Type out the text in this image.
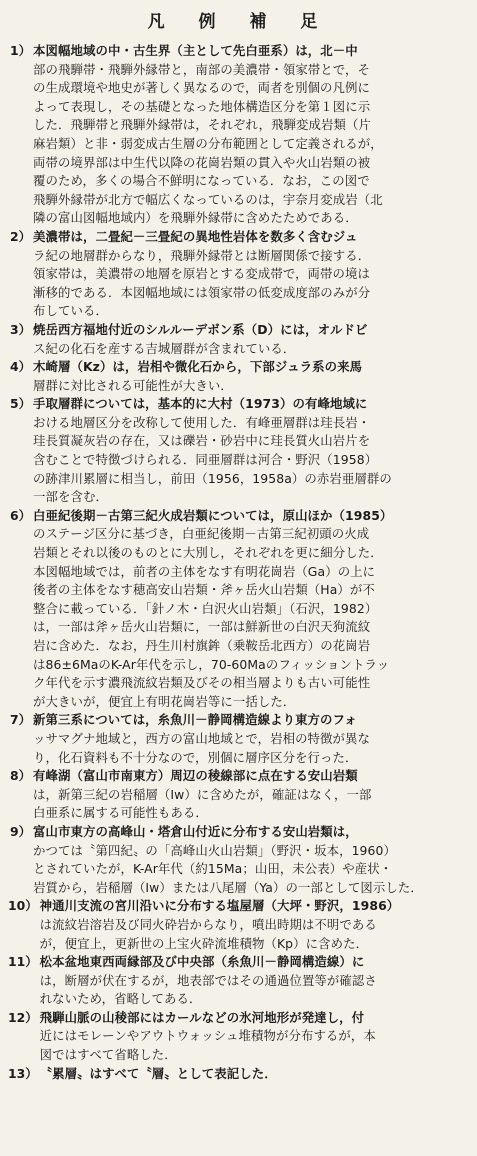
凡 例 補 足
1） 本図幅地域の中・古生界（主として先白亜系）は，北－中
部の飛騨帯・飛騨外縁帯と，南部の美濃帯・領家帯とで，そ
の生成環境や地史が著しく異なるので，両者を別個の凡例に
よって表現し，その基礎となった地体構造区分を第１図に示
した．飛騨帯と飛騨外縁帯は，それぞれ，飛騨変成岩類（片
麻岩類）と非・弱変成古生層の分布範囲として定義されるが，
両帯の境界部は中生代以降の花崗岩類の貫入や火山岩類の被
覆のため，多くの場合不鮮明になっている．なお，この図で
飛騨外縁帯が北方で幅広くなっているのは，宇奈月変成岩（北
隣の富山図幅地域内）を飛騨外縁帯に含めたためである．
2） 美濃帯は，二畳紀－三畳紀の異地性岩体を数多く含むジュ
ラ紀の地層群からなり，飛騨外縁帯とは断層関係で接する．
領家帯は，美濃帯の地層を原岩とする変成帯で，両帯の境は
漸移的である．本図幅地域には領家帯の低変成度部のみが分
布している．
3） 焼岳西方福地付近のシルルーデボン系（D）には，オルドビ
ス紀の化石を産する吉城層群が含まれている．
4） 木崎層（Kz）は，岩相や微化石から，下部ジュラ系の来馬
層群に対比される可能性が大きい．
5） 手取層群については，基本的に大村（1973）の有峰地域に
おける地層区分を改称して使用した．有峰亜層群は珪長岩・
珪長質凝灰岩の存在，又は礫岩・砂岩中に珪長質火山岩片を
含むことで特徴づけられる．同亜層群は河合・野沢（1958）
の跡津川累層に相当し，前田（1956，1958a）の赤岩亜層群の
一部を含む．
6） 白亜紀後期－古第三紀火成岩類については，原山ほか（1985）
のステージ区分に基づき，白亜紀後期－古第三紀初頭の火成
岩類とそれ以後のものとに大別し，それぞれを更に細分した．
本図幅地域では，前者の主体をなす有明花崗岩（Ga）の上に
後者の主体をなす穂高安山岩類・斧ヶ岳火山岩類（Ha）が不
整合に載っている．「針ノ木・白沢火山岩類」（石沢，1982）
は，一部は斧ヶ岳火山岩類に，一部は鮮新世の白沢天狗流紋
岩に含めた．なお，丹生川村旗鉾（乗鞍岳北西方）の花崗岩
は86±6MaのK-Ar年代を示し，70-60Maのフィッショントラッ
ク年代を示す濃飛流紋岩類及びその相当層よりも古い可能性
が大きいが，便宜上有明花崗岩等に一括した．
7） 新第三系については，糸魚川－静岡構造線より東方のフォ
ッサマグナ地域と，西方の富山地域とで，岩相の特徴が異な
り，化石資料も不十分なので，別個に層序区分を行った．
8） 有峰湖（富山市南東方）周辺の稜線部に点在する安山岩類
は，新第三紀の岩稲層（Iw）に含めたが，確証はなく，一部
白亜系に属する可能性もある．
9） 富山市東方の高峰山・塔倉山付近に分布する安山岩類は，
かつては〝第四紀〟の「高峰山火山岩類」（野沢・坂本，1960）
とされていたが，K-Ar年代（約15Ma；山田，未公表）や産状・
岩質から，岩稲層（Iw）または八尾層（Ya）の一部として図示した．
10） 神通川支流の宮川沿いに分布する塩屋層（大坪・野沢，1986）
は流紋岩溶岩及び同火砕岩からなり，噴出時期は不明である
が，便宜上，更新世の上宝火砕流堆積物（Kp）に含めた．
11） 松本盆地東西両縁部及び中央部（糸魚川－静岡構造線）に
は，断層が伏在するが，地表部ではその通過位置等が確認さ
れないため，省略してある．
12） 飛騨山脈の山稜部にはカールなどの氷河地形が発達し，付
近にはモレーンやアウトウォッシュ堆積物が分布するが，本
図ではすべて省略した．
13） 〝累層〟はすべて〝層〟として表記した．
